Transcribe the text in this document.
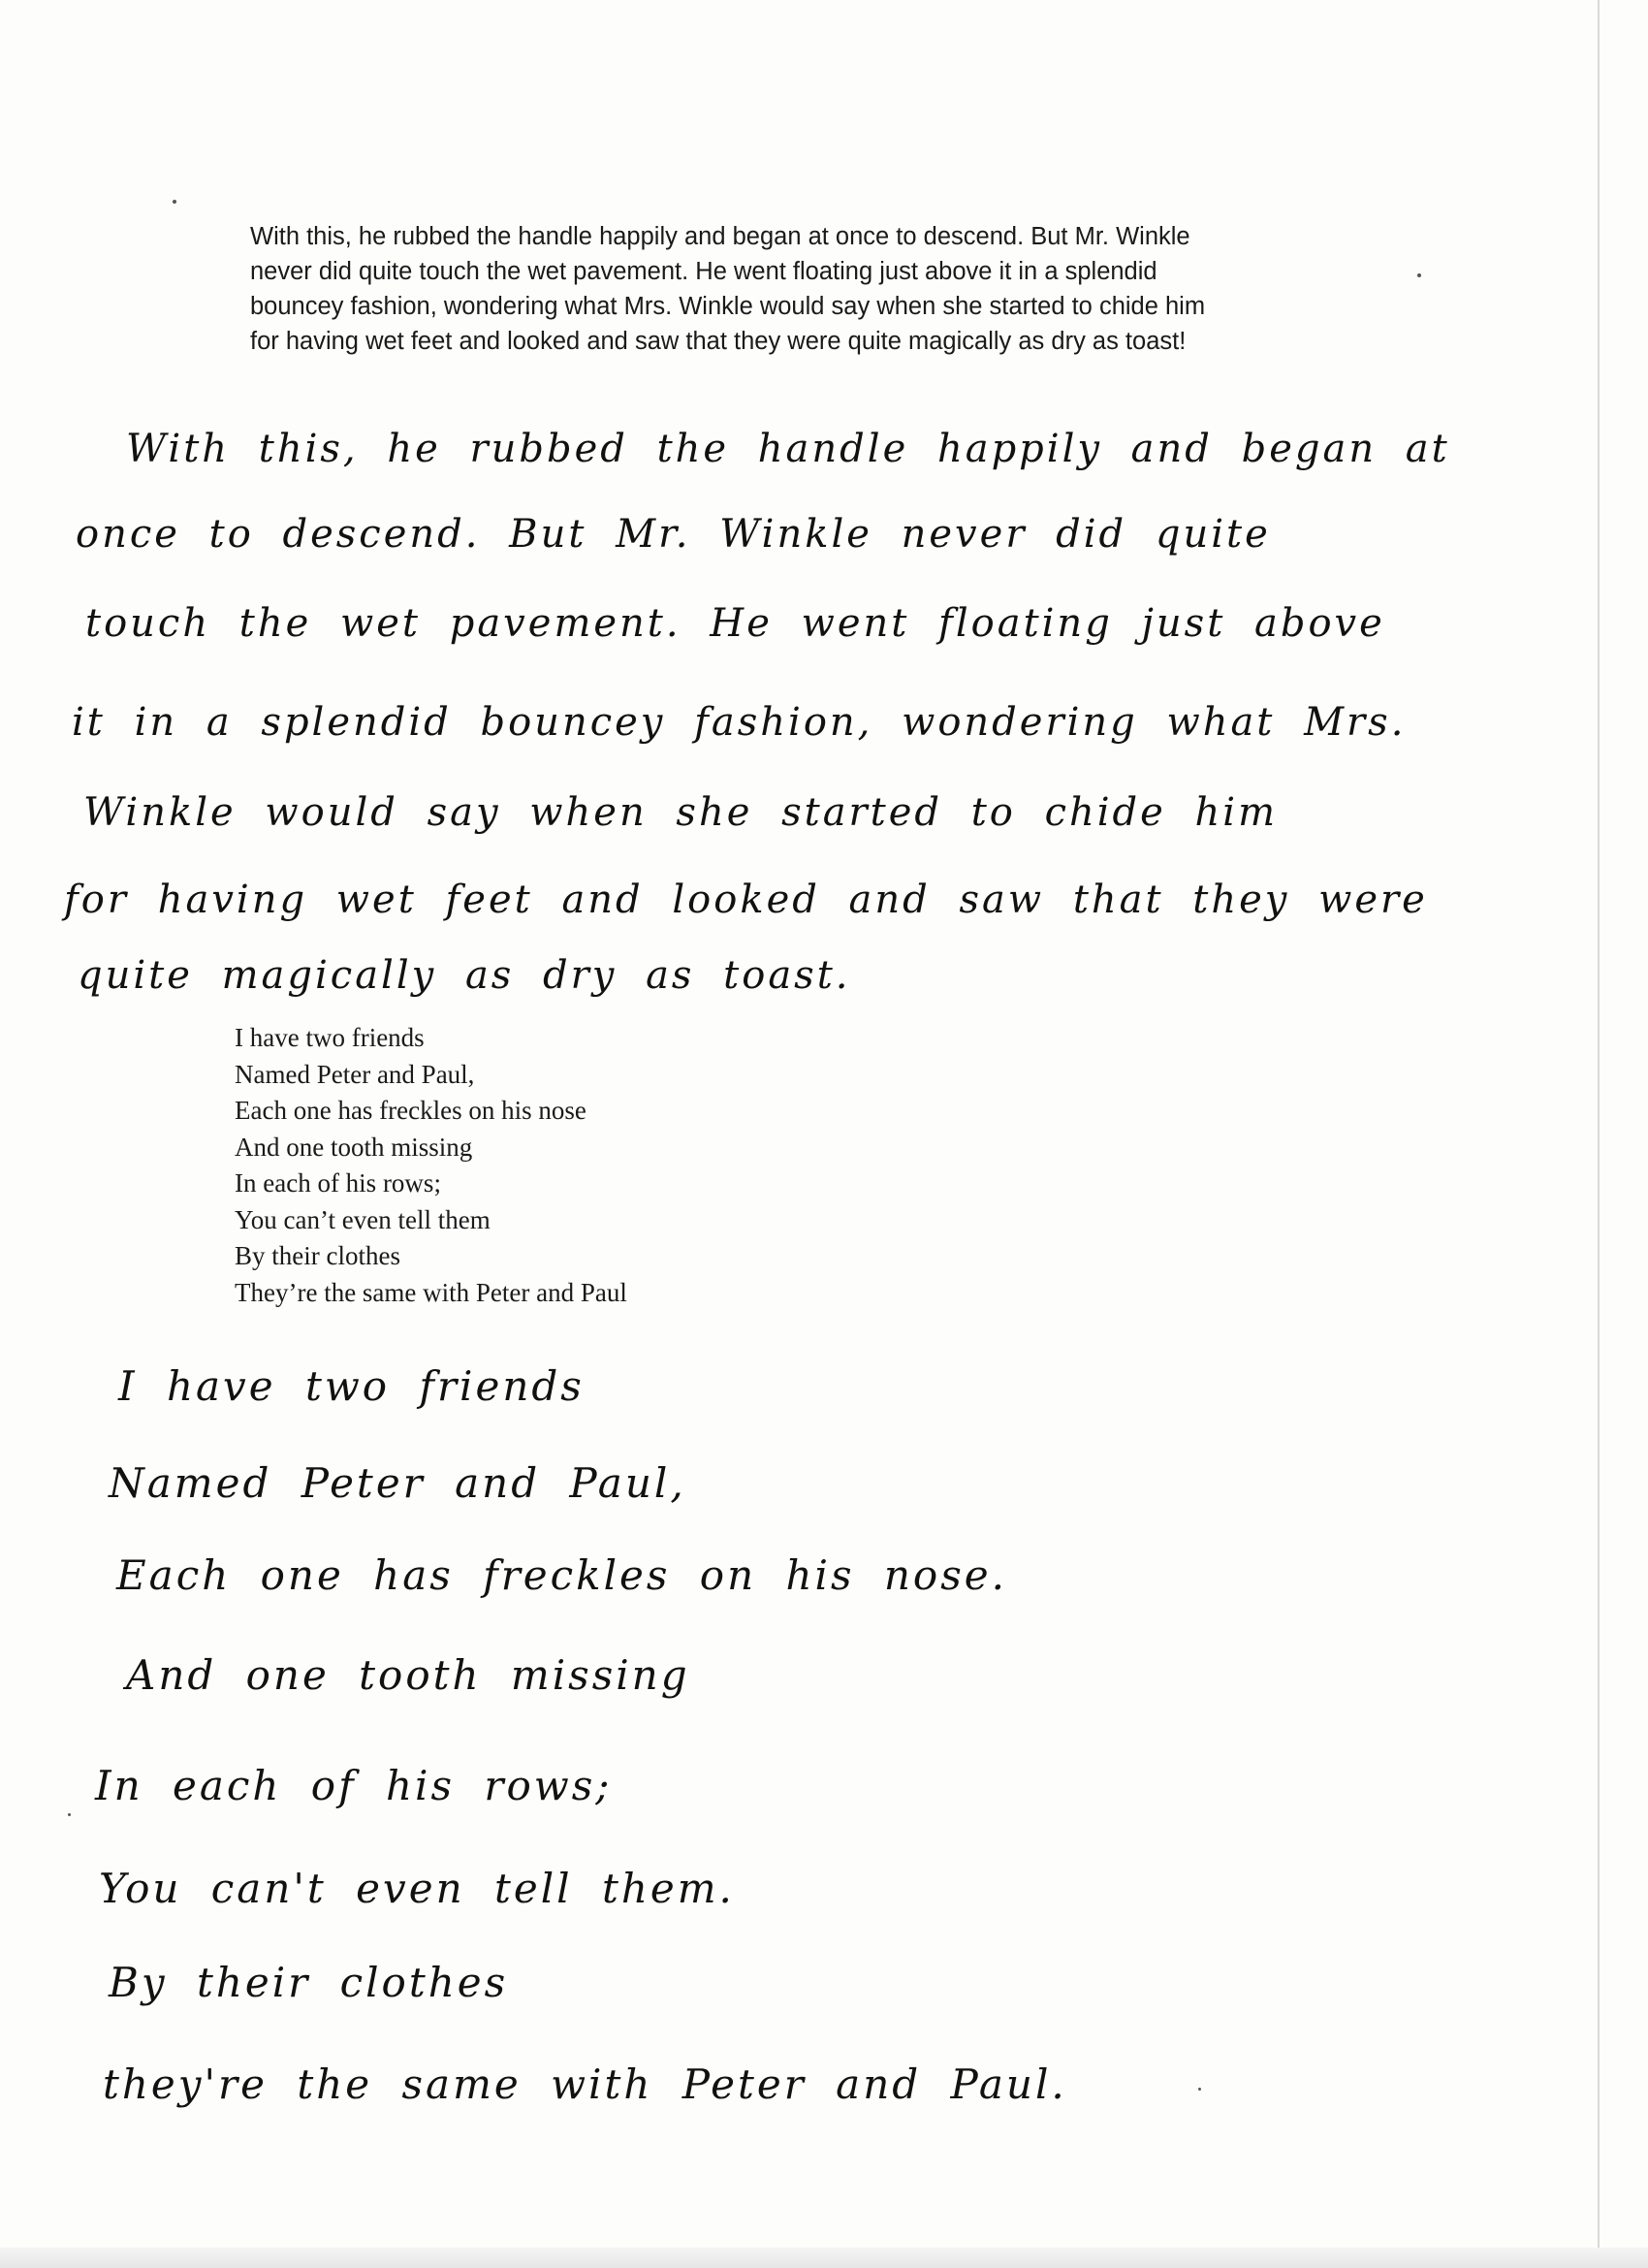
With this, he rubbed the handle happily and began at once to descend. But Mr. Winkle
never did quite touch the wet pavement. He went floating just above it in a splendid
bouncey fashion, wondering what Mrs. Winkle would say when she started to chide him
for having wet feet and looked and saw that they were quite magically as dry as toast!
With this, he rubbed the handle happily and began at
once to descend. But Mr. Winkle never did quite
touch the wet pavement. He went floating just above
it in a splendid bouncey fashion, wondering what Mrs.
Winkle would say when she started to chide him
for having wet feet and looked and saw that they were
quite magically as dry as toast.
I have two friends
Named Peter and Paul,
Each one has freckles on his nose
And one tooth missing
In each of his rows;
You can’t even tell them
By their clothes
They’re the same with Peter and Paul
I have two friends
Named Peter and Paul,
Each one has freckles on his nose.
And one tooth missing
In each of his rows;
You can't even tell them.
By their clothes
they're the same with Peter and Paul.
